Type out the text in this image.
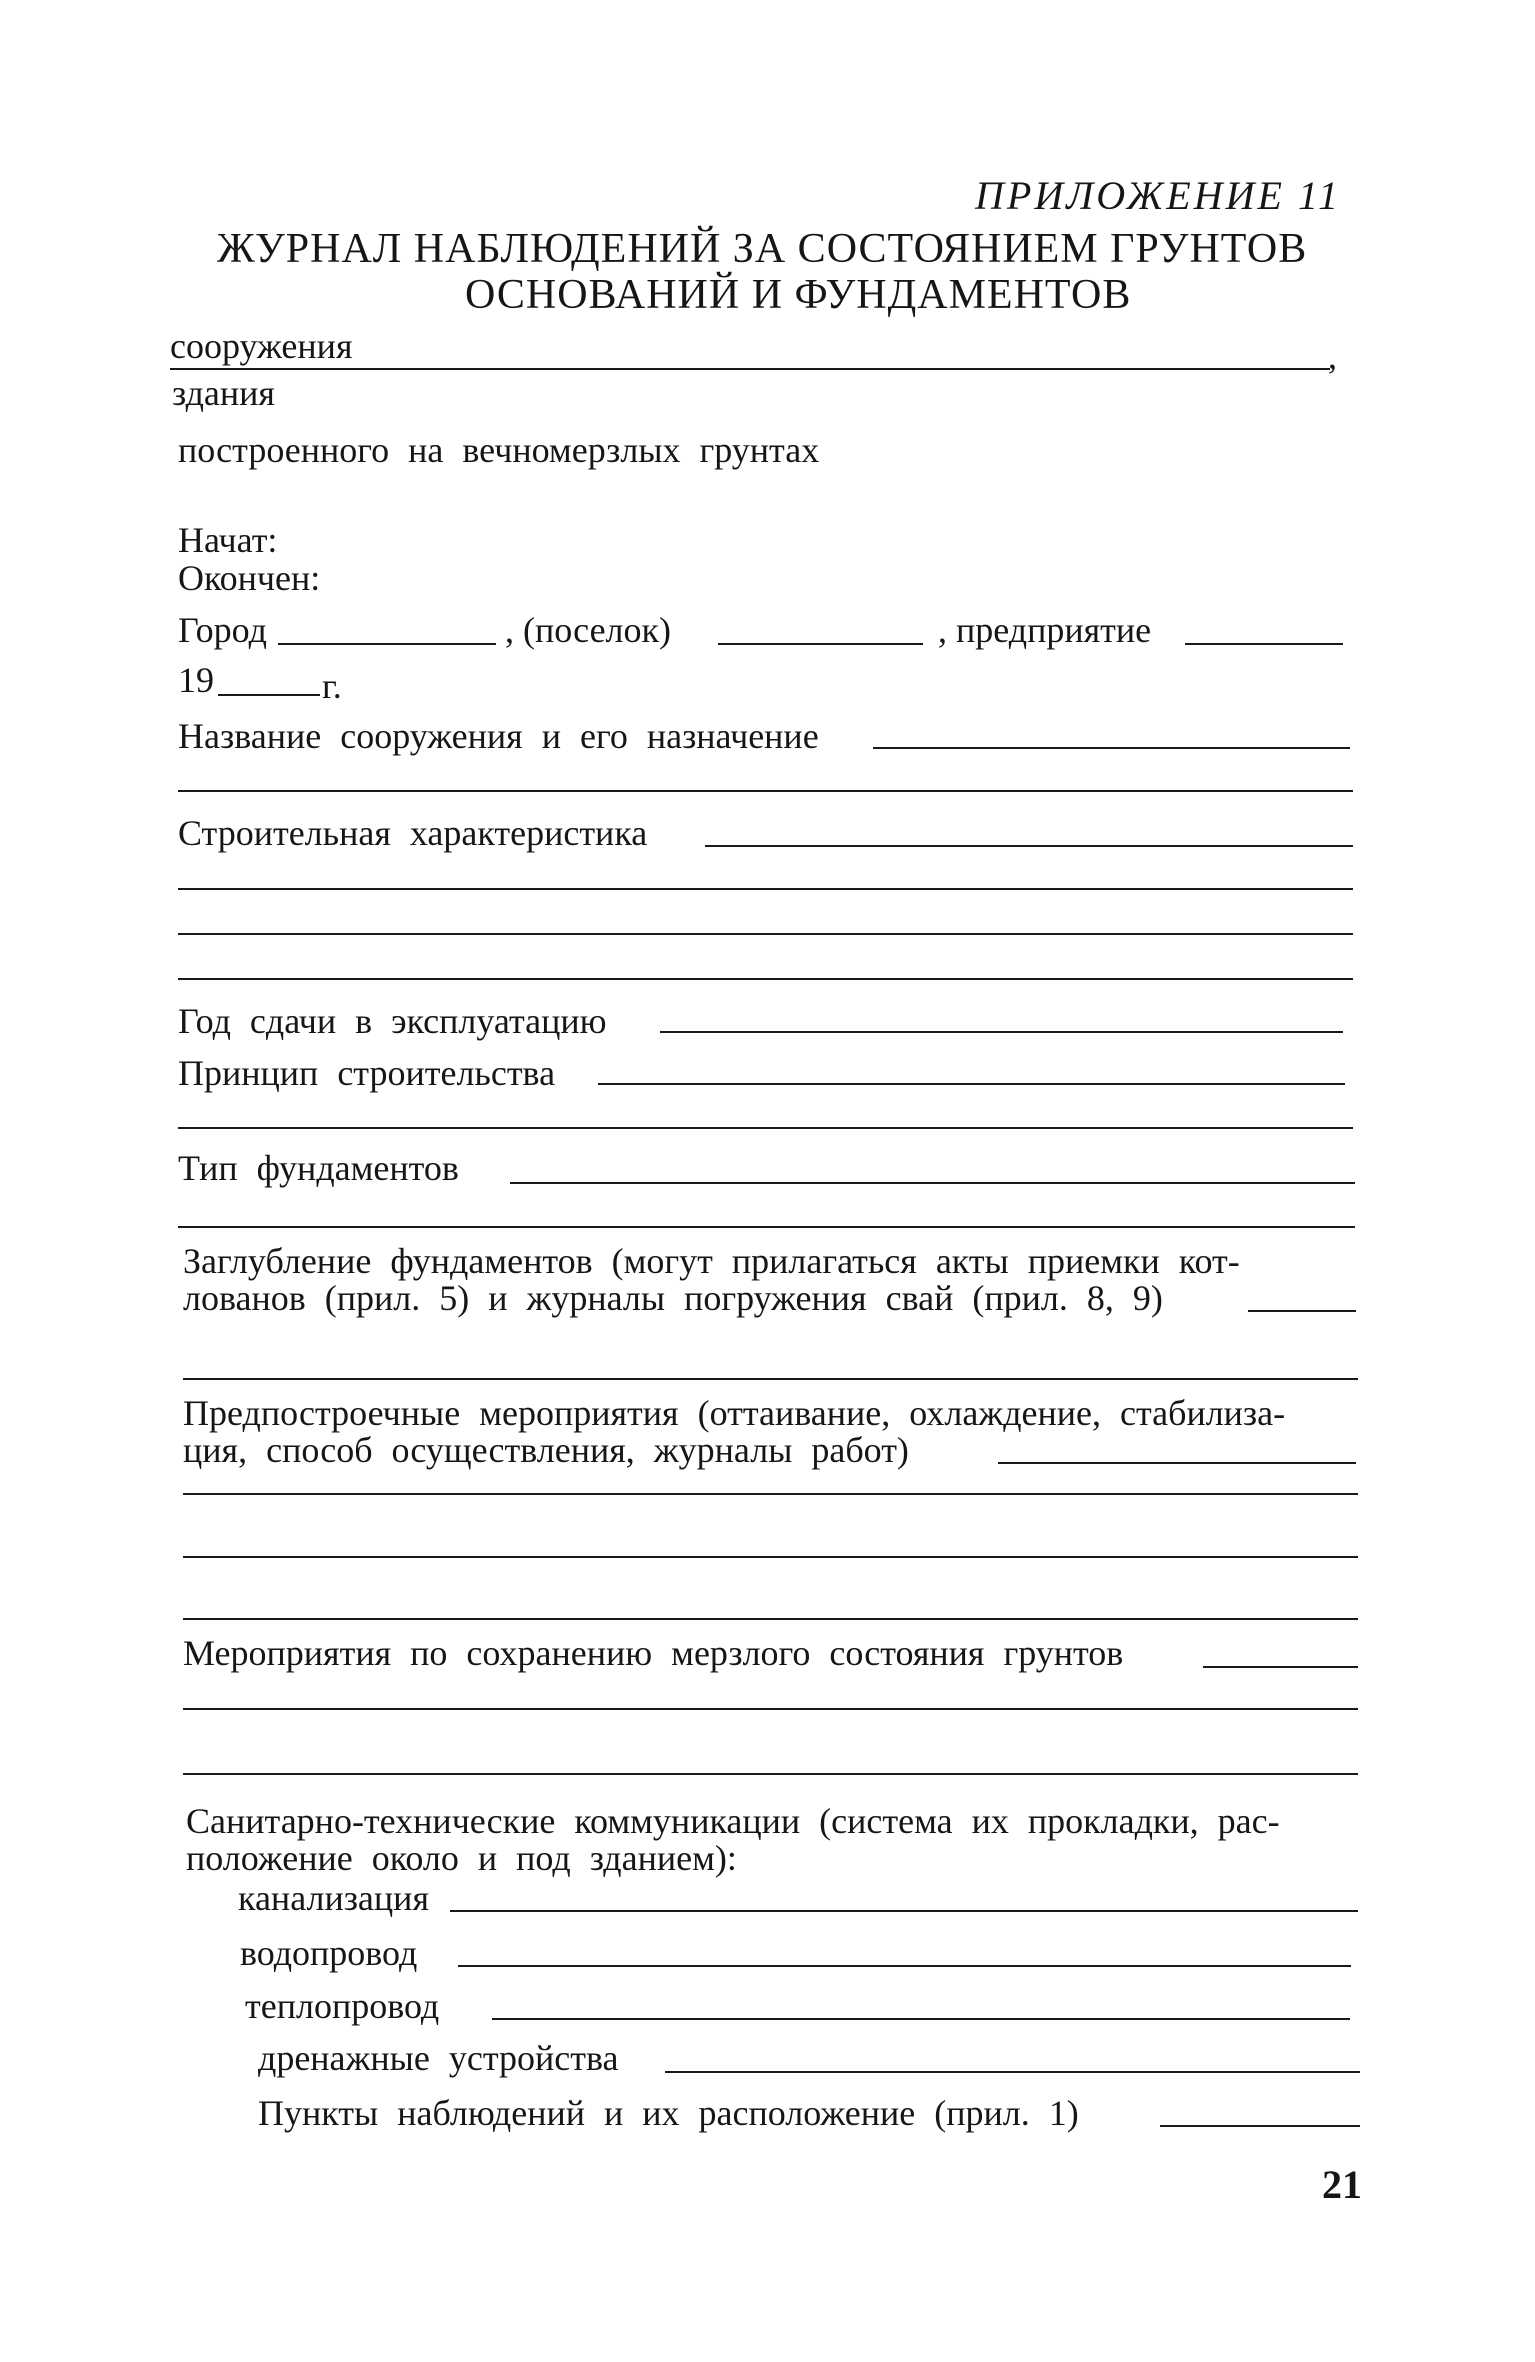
ПРИЛОЖЕНИЕ 11
ЖУРНАЛ НАБЛЮДЕНИЙ ЗА СОСТОЯНИЕМ ГРУНТОВ
ОСНОВАНИЙ И ФУНДАМЕНТОВ
сооружения	,
здания
построенного на вечномерзлых грунтах
Начат:
Окончен:
Город	, (поселок)	, предприятие
19	г.
Название сооружения и его назначение
Строительная характеристика
Год сдачи в эксплуатацию
Принцип строительства
Тип фундаментов
Заглубление фундаментов (могут прилагаться акты приемки кот-
лованов (прил. 5) и журналы погружения свай (прил. 8, 9)
Предпостроечные мероприятия (оттаивание, охлаждение, стабилиза-
ция, способ осуществления, журналы работ)
Мероприятия по сохранению мерзлого состояния грунтов
Санитарно-технические коммуникации (система их прокладки, рас-
положение около и под зданием):
канализация
водопровод
теплопровод
дренажные устройства
Пункты наблюдений и их расположение (прил. 1)
21
